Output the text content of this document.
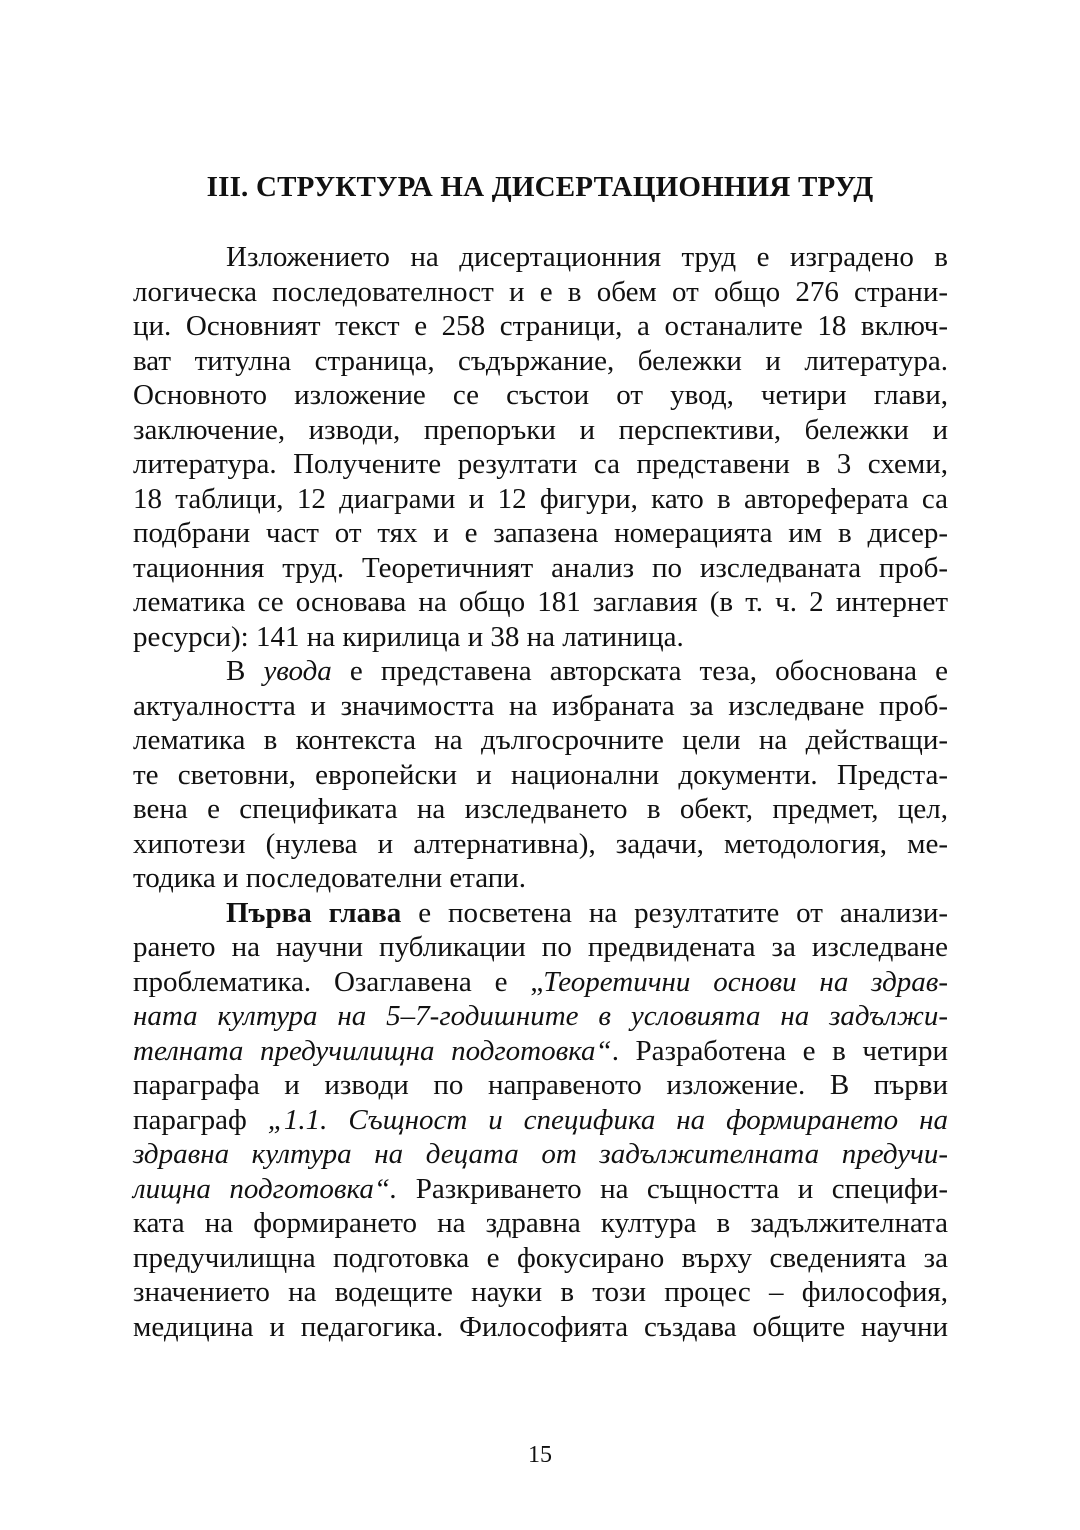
III. СТРУКТУРА НА ДИСЕРТАЦИОННИЯ ТРУД
Изложението на дисертационния труд е изградено в
логическа последователност и е в обем от общо 276 страни-
ци. Основният текст е 258 страници, а останалите 18 включ-
ват титулна страница, съдържание, бележки и литература.
Основното изложение се състои от увод, четири глави,
заключение, изводи, препоръки и перспективи, бележки и
литература. Получените резултати са представени в 3 схеми,
18 таблици, 12 диаграми и 12 фигури, като в автореферата са
подбрани част от тях и е запазена номерацията им в дисер-
тационния труд. Теоретичният анализ по изследваната проб-
лематика се основава на общо 181 заглавия (в т. ч. 2 интернет
ресурси): 141 на кирилица и 38 на латиница.
В увода е представена авторската теза, обоснована е
актуалността и значимостта на избраната за изследване проб-
лематика в контекста на дългосрочните цели на действащи-
те световни, европейски и национални документи. Предста-
вена е спецификата на изследването в обект, предмет, цел,
хипотези (нулева и алтернативна), задачи, методология, ме-
тодика и последователни етапи.
Първа глава е посветена на резултатите от анализи-
рането на научни публикации по предвидената за изследване
проблематика. Озаглавена е „Теоретични основи на здрав-
ната култура на 5–7-годишните в условията на задължи-
телната предучилищна подготовка“. Разработена е в четири
параграфа и изводи по направеното изложение. В първи
параграф „1.1. Същност и специфика на формирането на
здравна култура на децата от задължителната предучи-
лищна подготовка“. Разкриването на същността и специфи-
ката на формирането на здравна култура в задължителната
предучилищна подготовка е фокусирано върху сведенията за
значението на водещите науки в този процес – философия,
медицина и педагогика. Философията създава общите научни
15
